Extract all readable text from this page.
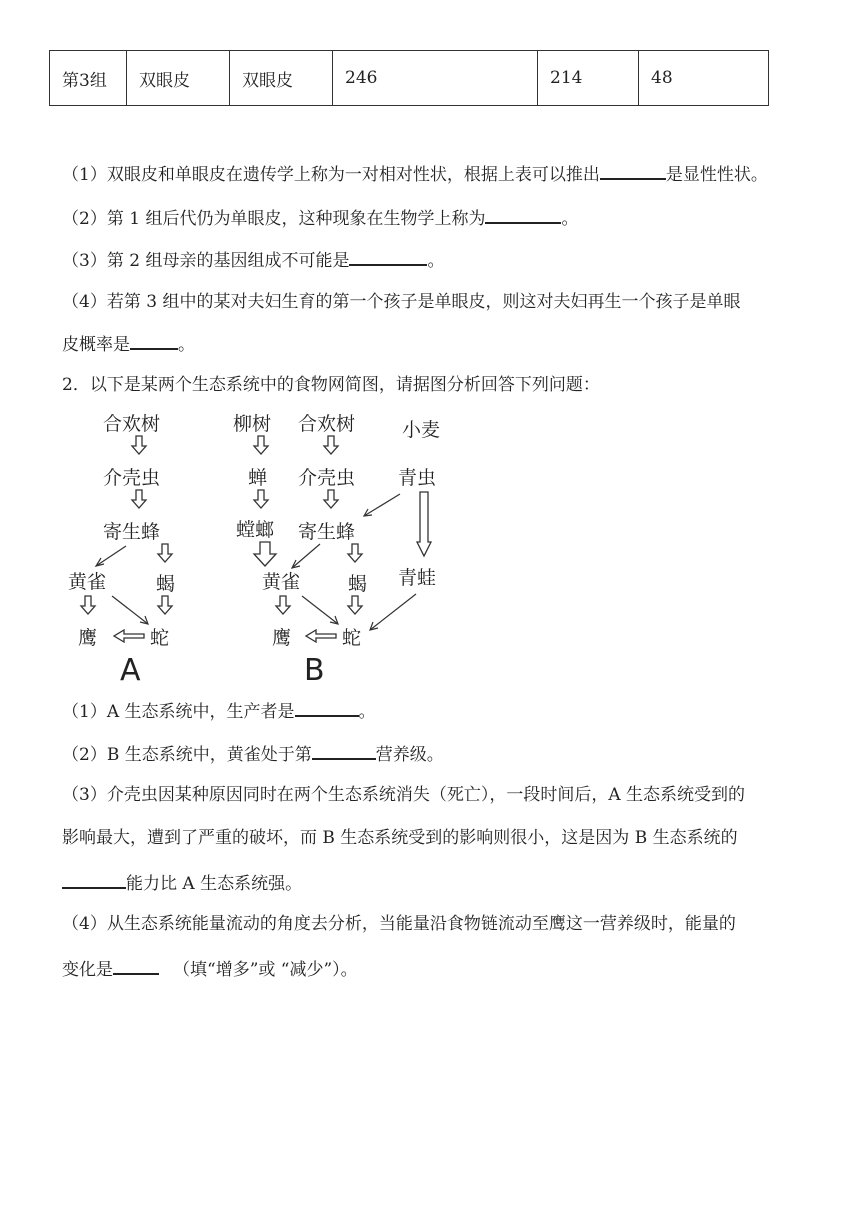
第3组	双眼皮	双眼皮	246	214	48
（1）双眼皮和单眼皮在遗传学上称为一对相对性状，根据上表可以推出	是显性性状。
（2）第 1 组后代仍为单眼皮，这种现象在生物学上称为	。
（3）第 2 组母亲的基因组成不可能是	。
（4）若第 3 组中的某对夫妇生育的第一个孩子是单眼皮，则这对夫妇再生一个孩子是单眼
皮概率是	。
2．以下是某两个生态系统中的食物网简图，请据图分析回答下列问题：
合欢树
介壳虫
寄生蜂
黄雀	蝎
鹰	蛇
A
柳树 合欢树 小麦
蝉 介壳虫 青虫
螳螂 寄生蜂
黄雀	蝎 青蛙
鹰	蛇
B
（1）A 生态系统中，生产者是	。
（2）B 生态系统中，黄雀处于第	营养级。
（3）介壳虫因某种原因同时在两个生态系统消失（死亡），一段时间后，A 生态系统受到的
影响最大，遭到了严重的破坏，而 B 生态系统受到的影响则很小，这是因为 B 生态系统的
能力比 A 生态系统强。
（4）从生态系统能量流动的角度去分析，当能量沿食物链流动至鹰这一营养级时，能量的
变化是	（填“增多”或 “减少”）。
